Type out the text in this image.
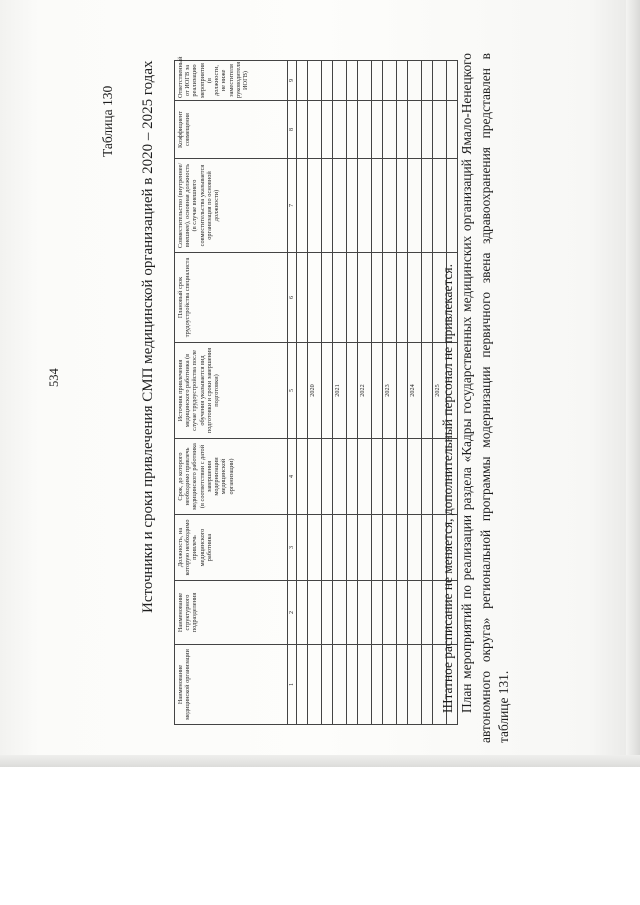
Таблица 130
534	Источники и сроки привлечения СМП медицинской организацией в 2020 – 2025 годах
Наименование медицинской организации	Наименование структурного подразделения	Должность, на которую необходимо привлечь медицинского работника	Срок, до которого необходимо привлечь медицинского работника (в соответствии с датой завершения модернизации медицинской организации)	Источник привлечения медицинского работника (в случае трудоустройства после обучения указывается вид подготовки и сроки завершения подготовки)	Плановый срок трудоустройства специалиста	Совместительство (внутреннее/внешнее), основная должность (в случае внешнего совместительства указывается организация по основной должности)	Коэффициент совмещения	Ответственный от ИОГВ за реализацию мероприятия (в должности, не ниже заместителя руководителя ИОГВ)
1	2	3	4	5	6	7	8	9

				2020				

				2021				

				2022				

				2023				

				2024				

				2025				
								Штатное расписание не меняется, дополнительный персонал не привлекается. План мероприятий по реализации раздела «Кадры государственных медицинских организаций Ямало-Ненецкого автономного округа» региональной программы модернизации первичного звена здравоохранения представлен в таблице 131.
